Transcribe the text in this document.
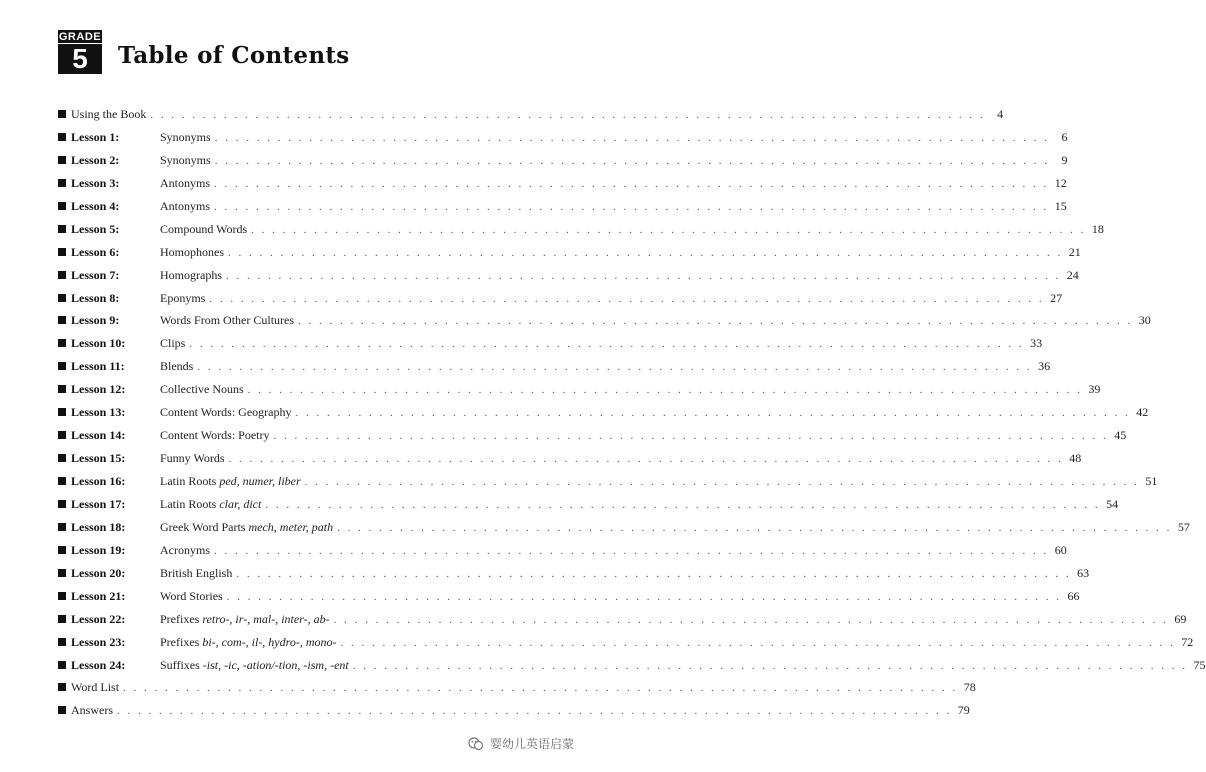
GRADE
5	Table of Contents
Using the Book . . . . . . . . . . . . . . . . . . . . . . . . . . . . . . . . . . . . . . . . . . . . . . . . . . . . . . . . . . . . . . . . . . . . . . . . . . . . . . . .	4
Lesson 1:	Synonyms . . . . . . . . . . . . . . . . . . . . . . . . . . . . . . . . . . . . . . . . . . . . . . . . . . . . . . . . . . . . . . . . . . . . . . . . . . . . . . . .	6
Lesson 2:	Synonyms . . . . . . . . . . . . . . . . . . . . . . . . . . . . . . . . . . . . . . . . . . . . . . . . . . . . . . . . . . . . . . . . . . . . . . . . . . . . . . . .	9
Lesson 3:	Antonyms . . . . . . . . . . . . . . . . . . . . . . . . . . . . . . . . . . . . . . . . . . . . . . . . . . . . . . . . . . . . . . . . . . . . . . . . . . . . . . . . 12
Lesson 4:	Antonyms . . . . . . . . . . . . . . . . . . . . . . . . . . . . . . . . . . . . . . . . . . . . . . . . . . . . . . . . . . . . . . . . . . . . . . . . . . . . . . . . 15
Lesson 5:	Compound Words . . . . . . . . . . . . . . . . . . . . . . . . . . . . . . . . . . . . . . . . . . . . . . . . . . . . . . . . . . . . . . . . . . . . . . . . . . . . . . . . 18
Lesson 6:	Homophones . . . . . . . . . . . . . . . . . . . . . . . . . . . . . . . . . . . . . . . . . . . . . . . . . . . . . . . . . . . . . . . . . . . . . . . . . . . . . . . . 21
Lesson 7:	Homographs . . . . . . . . . . . . . . . . . . . . . . . . . . . . . . . . . . . . . . . . . . . . . . . . . . . . . . . . . . . . . . . . . . . . . . . . . . . . . . . . 24
Lesson 8:	Eponyms . . . . . . . . . . . . . . . . . . . . . . . . . . . . . . . . . . . . . . . . . . . . . . . . . . . . . . . . . . . . . . . . . . . . . . . . . . . . . . . . 27
Lesson 9:	Words From Other Cultures . . . . . . . . . . . . . . . . . . . . . . . . . . . . . . . . . . . . . . . . . . . . . . . . . . . . . . . . . . . . . . . . . . . . . . . . . . . . . . . . 30
Lesson 10:	Clips . . . . . . . . . . . . . . . . . . . . . . . . . . . . . . . . . . . . . . . . . . . . . . . . . . . . . . . . . . . . . . . . . . . . . . . . . . . . . . . . 33
Lesson 11:	Blends . . . . . . . . . . . . . . . . . . . . . . . . . . . . . . . . . . . . . . . . . . . . . . . . . . . . . . . . . . . . . . . . . . . . . . . . . . . . . . . . 36
Lesson 12:	Collective Nouns . . . . . . . . . . . . . . . . . . . . . . . . . . . . . . . . . . . . . . . . . . . . . . . . . . . . . . . . . . . . . . . . . . . . . . . . . . . . . . . . 39
Lesson 13:	Content Words: Geography . . . . . . . . . . . . . . . . . . . . . . . . . . . . . . . . . . . . . . . . . . . . . . . . . . . . . . . . . . . . . . . . . . . . . . . . . . . . . . . . 42
Lesson 14:	Content Words: Poetry . . . . . . . . . . . . . . . . . . . . . . . . . . . . . . . . . . . . . . . . . . . . . . . . . . . . . . . . . . . . . . . . . . . . . . . . . . . . . . . . 45
Lesson 15:	Funny Words . . . . . . . . . . . . . . . . . . . . . . . . . . . . . . . . . . . . . . . . . . . . . . . . . . . . . . . . . . . . . . . . . . . . . . . . . . . . . . . . 48
Lesson 16:	Latin Roots ped, numer, liber . . . . . . . . . . . . . . . . . . . . . . . . . . . . . . . . . . . . . . . . . . . . . . . . . . . . . . . . . . . . . . . . . . . . . . . . . . . . . . . . 51
Lesson 17:	Latin Roots clar, dict . . . . . . . . . . . . . . . . . . . . . . . . . . . . . . . . . . . . . . . . . . . . . . . . . . . . . . . . . . . . . . . . . . . . . . . . . . . . . . . . 54
Lesson 18:	Greek Word Parts mech, meter, path . . . . . . . . . . . . . . . . . . . . . . . . . . . . . . . . . . . . . . . . . . . . . . . . . . . . . . . . . . . . . . . . . . . . . . . . . . . . . . . . 57
Lesson 19:	Acronyms . . . . . . . . . . . . . . . . . . . . . . . . . . . . . . . . . . . . . . . . . . . . . . . . . . . . . . . . . . . . . . . . . . . . . . . . . . . . . . . . 60
Lesson 20:	British English . . . . . . . . . . . . . . . . . . . . . . . . . . . . . . . . . . . . . . . . . . . . . . . . . . . . . . . . . . . . . . . . . . . . . . . . . . . . . . . . 63
Lesson 21:	Word Stories . . . . . . . . . . . . . . . . . . . . . . . . . . . . . . . . . . . . . . . . . . . . . . . . . . . . . . . . . . . . . . . . . . . . . . . . . . . . . . . . 66
Lesson 22:	Prefixes retro-, ir-, mal-, inter-, ab- . . . . . . . . . . . . . . . . . . . . . . . . . . . . . . . . . . . . . . . . . . . . . . . . . . . . . . . . . . . . . . . . . . . . . . . . . . . . . . . . 69
Lesson 23:	Prefixes bi-, com-, il-, hydro-, mono- . . . . . . . . . . . . . . . . . . . . . . . . . . . . . . . . . . . . . . . . . . . . . . . . . . . . . . . . . . . . . . . . . . . . . . . . . . . . . . . . 72
Lesson 24:	Suffixes -ist, -ic, -ation/-tion, -ism, -ent . . . . . . . . . . . . . . . . . . . . . . . . . . . . . . . . . . . . . . . . . . . . . . . . . . . . . . . . . . . . . . . . . . . . . . . . . . . . . . . . 75
Word List . . . . . . . . . . . . . . . . . . . . . . . . . . . . . . . . . . . . . . . . . . . . . . . . . . . . . . . . . . . . . . . . . . . . . . . . . . . . . . . . 78
Answers . . . . . . . . . . . . . . . . . . . . . . . . . . . . . . . . . . . . . . . . . . . . . . . . . . . . . . . . . . . . . . . . . . . . . . . . . . . . . . . . 79
婴幼儿英语启蒙
